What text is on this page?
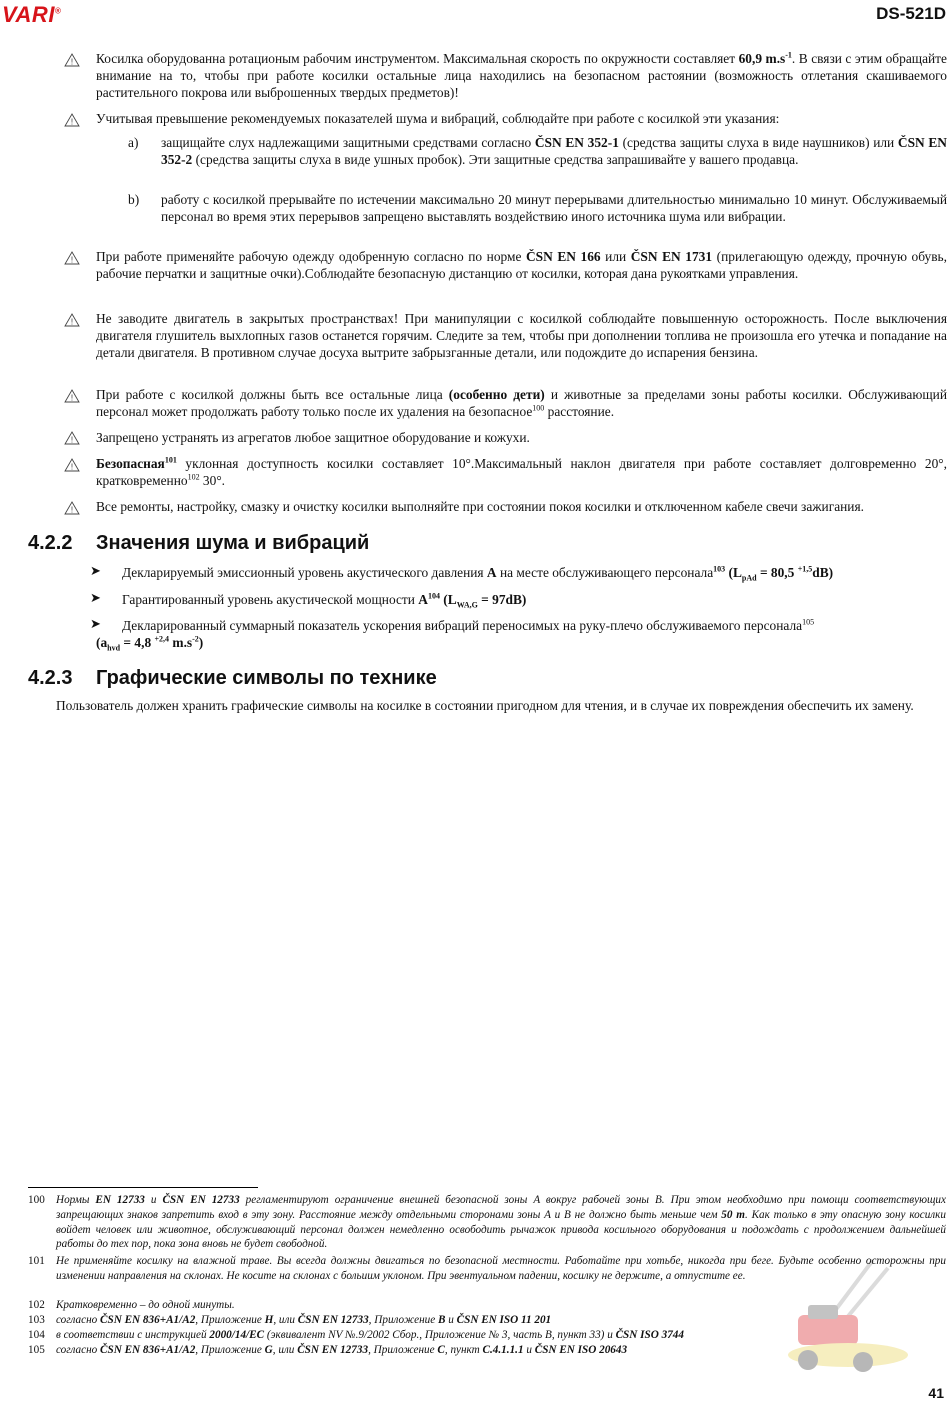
VARI®	DS-521D
! Косилка оборудованна ротационым рабочим инструментом. Максимальная скорость по окружности составляет 60,9 $m.s^{-1}$. В связи с этим обращайте внимание на то, чтобы при работе косилки остальные лица находились на безопасном растоянии (возможность отлетания скашиваемого растительного покрова или выброшенных твердых предметов)!
! Учитывая превышение рекомендуемых показателей шума и вибраций, соблюдайте при работе с косилкой эти указания:
a) защищайте слух надлежащими защитными средствами согласно ČSN EN 352-1 (средства защиты слуха в виде наушников) или ČSN EN 352-2 (средства защиты слуха в виде ушных пробок). Эти защитные средства запрашивайте у вашего продавца.
b) работу с косилкой прерывайте по истечении максимально 20 минут перерывами длительностью минимально 10 минут. Обслуживаемый персонал во время этих перерывов запрещено выставлять воздействию иного источника шума или вибрации.
! При работе применяйте рабочую одежду одобренную согласно по норме ČSN EN 166 или ČSN EN 1731 (прилегающую одежду, прочную обувь, рабочие перчатки и защитные очки).Соблюдайте безопасную дистанцию от косилки, которая дана рукоятками управления.
! Не заводите двигатель в закрытых пространствах! При манипуляции с косилкой соблюдайте повышенную осторожность. После выключения двигателя глушитель выхлопных газов останется горячим. Следите за тем, чтобы при дополнении топлива не произошла его утечка и попадание на детали двигателя. В противном случае досуха вытрите забрызганные детали, или подождите до испарения бензина.
! При работе с косилкой должны быть все остальные лица (особенно дети) и животные за пределами зоны работы косилки. Обслуживающий персонал может продолжать работу только после их удаления на безопасное$^{100}$ расстояние.
! Запрещено устранять из агрегатов любое защитное оборудование и кожухи.
! Безопасная$^{101}$ уклонная доступность косилки составляет 10°.Максимальный наклон двигателя при работе составляет долговременно 20°, кратковременно$^{102}$ 30°.
! Все ремонты, настройку, смазку и очистку косилки выполняйте при состоянии покоя косилки и отключенном кабеле свечи зажигания.
4.2.2 Значения шума и вибраций
➤ Декларируемый эмиссионный уровень акустического давления A на месте обслуживающего персонала$^{103}$ ($L_{pAd} = 80,5$ $^{+1,5}$dB)
➤ Гарантированный уровень акустической мощности $A^{104}$ $(L_{WA,G} = 97dB)$
➤ Декларированный суммарный показатель ускорения вибраций переносимых на руку-плечо обслуживаемого персонала$^{105}$
($a_{hvd} = 4,8$ $^{+2,4}$ $m.s^{-2}$)
4.2.3 Графические символы по технике
Пользователь должен хранить графические символы на косилке в состоянии пригодном для чтения, и в случае их повреждения обеспечить их замену.
100 Нормы EN 12733 и ČSN EN 12733 регламентируют ограничение внешней безопасной зоны A вокруг рабочей зоны B. При этом необходимо при помощи соответствующих запрещающих знаков запретить вход в эту зону. Расстояние между отдельными сторонами зоны A и B не должно быть меньше чем 50 m. Как только в эту опасную зону косилки войдет человек или животное, обслуживающий персонал должен немедленно освободить рычажок привода косильного оборудования и подождать с продолжением дальнейшей работы до тех пор, пока зона вновь не будет свободной.
101 Не применяйте косилку на влажной траве. Вы всегда должны двигаться по безопасной местности. Работайте при хотьбе, никогда при беге. Будьте особенно осторожны при изменении направления на склонах. Не косите на склонах с больиим уклоном. При эвентуальном падении, косилку не держите, а отпустите ее.
102 Кратковременно – до одной минуты.
103 согласно ČSN EN 836+A1/A2, Приложение H, или ČSN EN 12733, Приложение B и ČSN EN ISO 11 201
104 в соответствии с инструкцией 2000/14/EC (эквивалент NV №.9/2002 Сбор., Приложение № 3, часть B, пункт 33) и ČSN ISO 3744
105 согласно ČSN EN 836+A1/A2, Приложение G, или ČSN EN 12733, Приложение C, пункт C.4.1.1.1 и ČSN EN ISO 20643
41
